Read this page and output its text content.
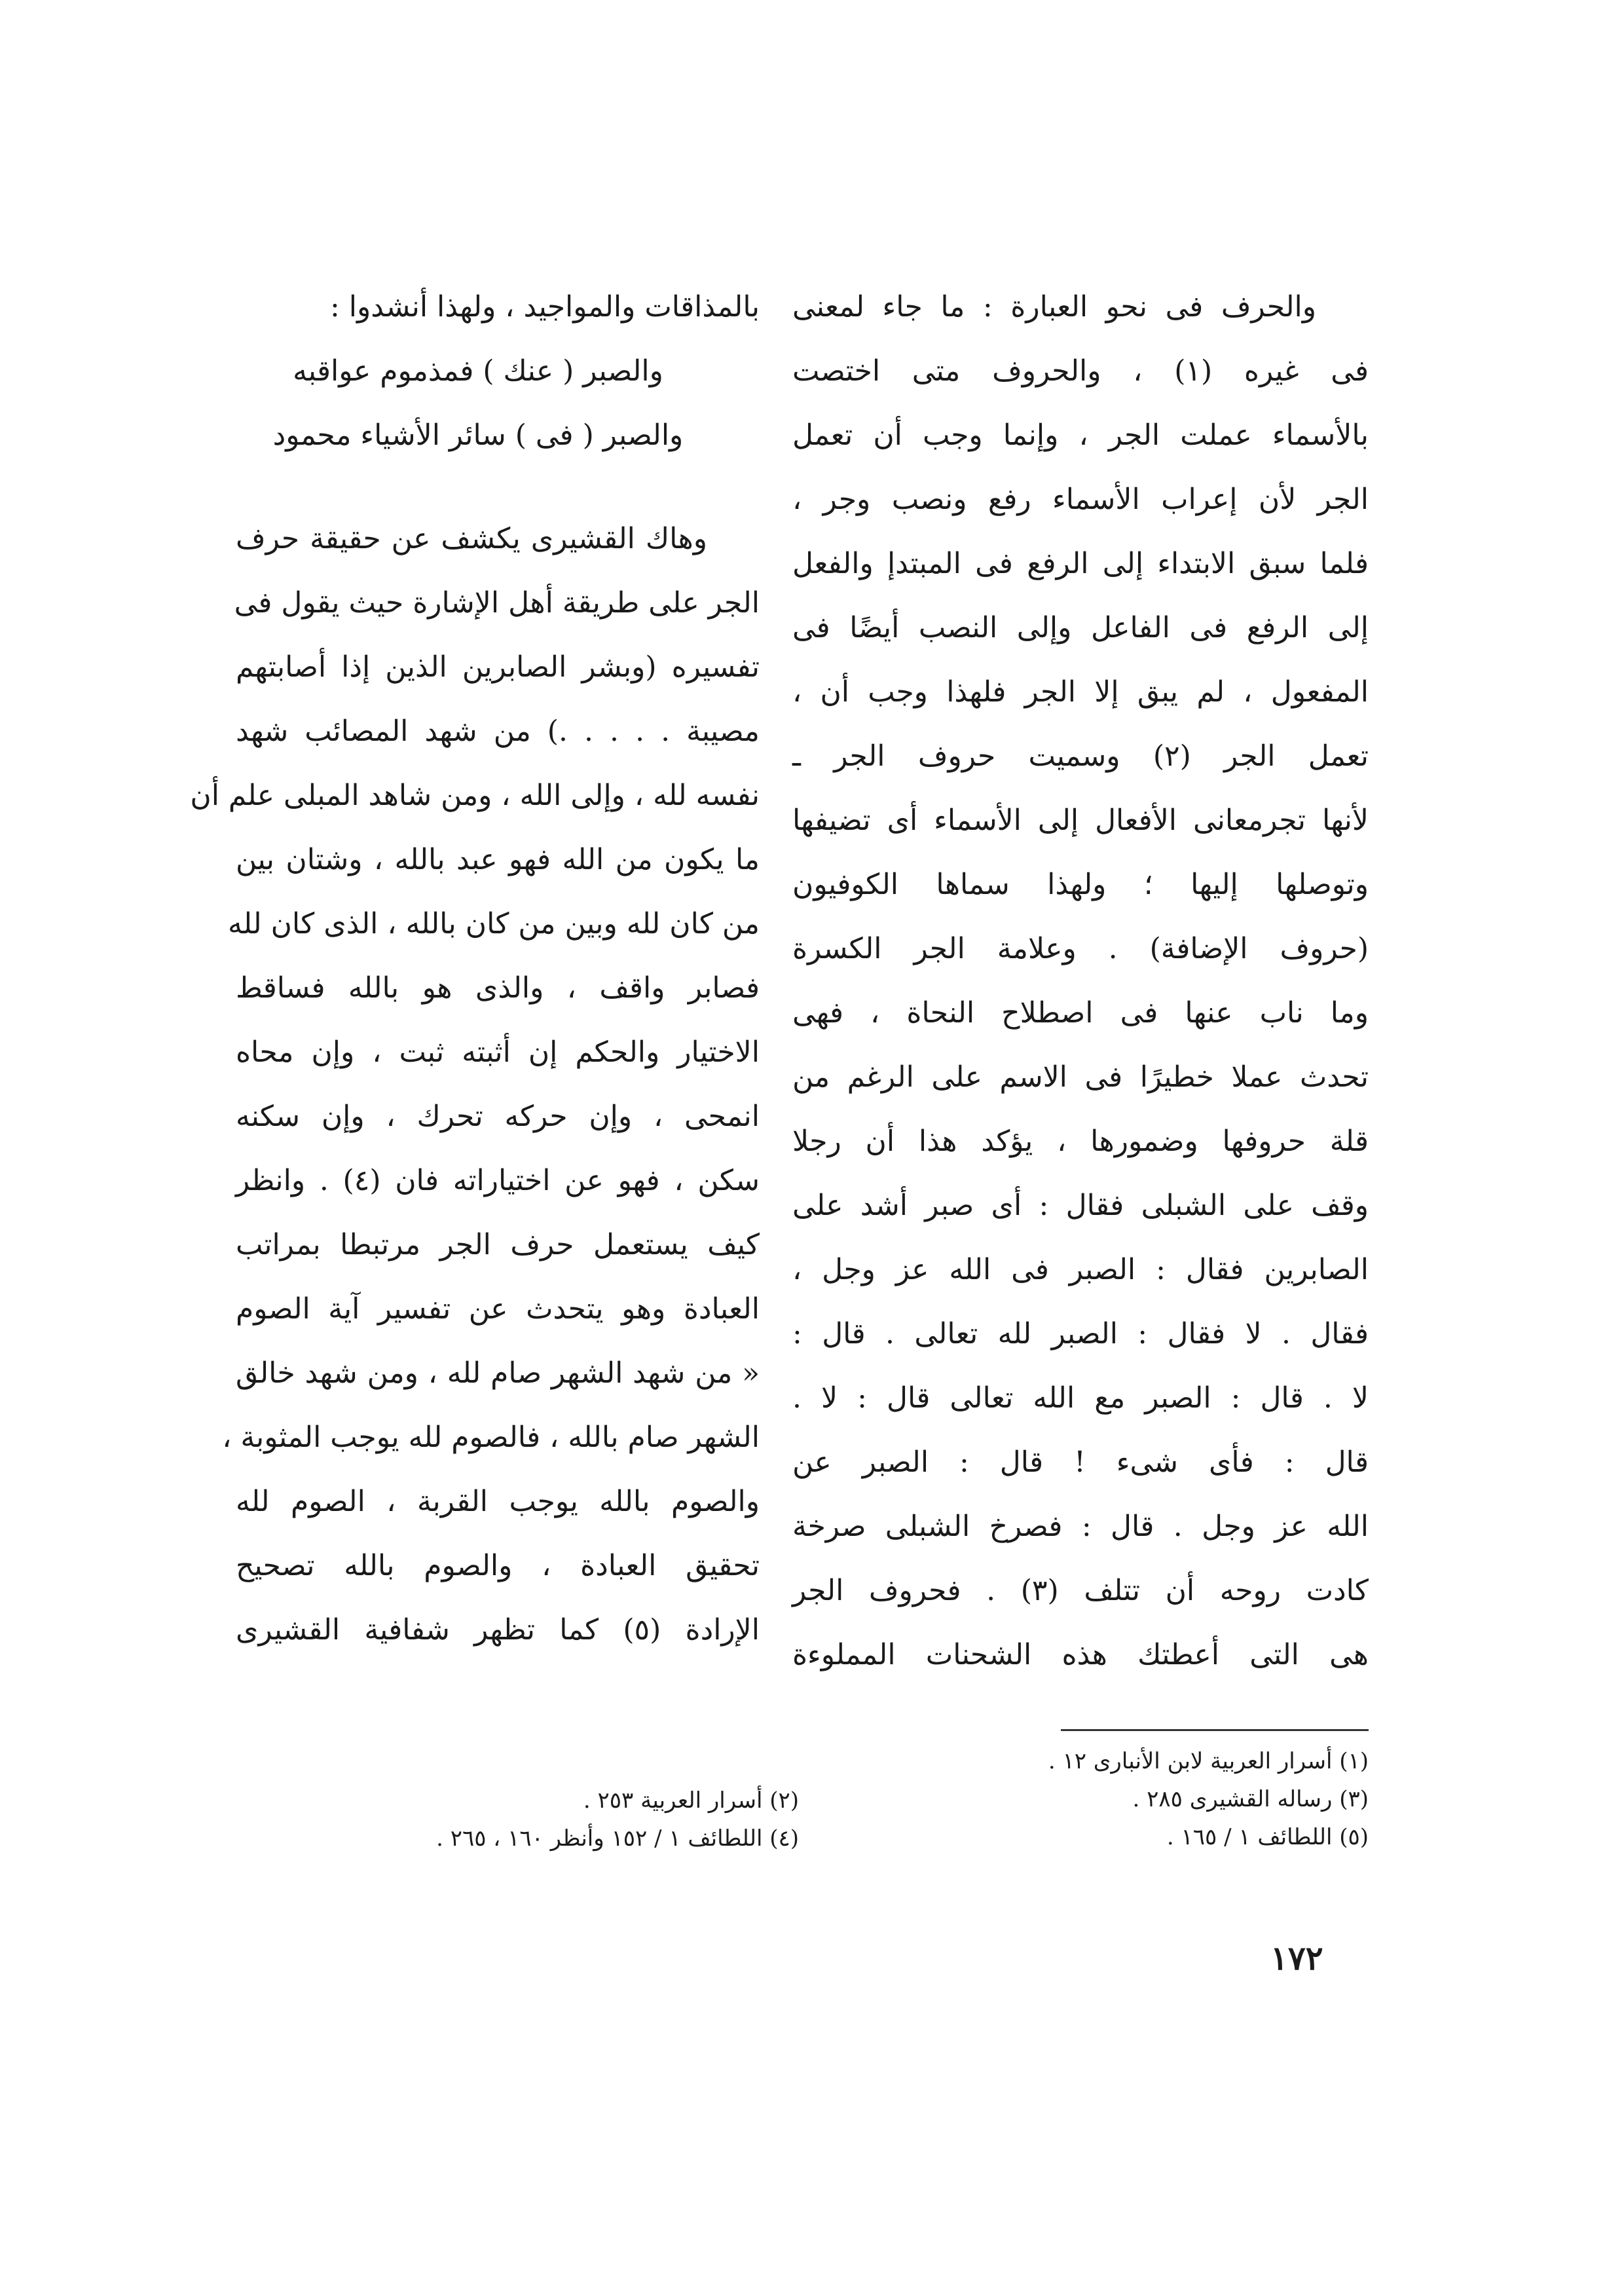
والحرف فى نحو العبارة : ما جاء لمعنى
فى غيره (١) ، والحروف متى اختصت
بالأسماء عملت الجر ، وإنما وجب أن تعمل
الجر لأن إعراب الأسماء رفع ونصب وجر ،
فلما سبق الابتداء إلى الرفع فى المبتدإ والفعل
إلى الرفع فى الفاعل وإلى النصب أيضًا فى
المفعول ، لم يبق إلا الجر فلهذا وجب أن ،
تعمل الجر (٢) وسميت حروف الجر ـ
لأنها تجرمعانى الأفعال إلى الأسماء أى تضيفها
وتوصلها إليها ؛ ولهذا سماها الكوفيون
(حروف الإضافة) . وعلامة الجر الكسرة
وما ناب عنها فى اصطلاح النحاة ، فهى
تحدث عملا خطيرًا فى الاسم على الرغم من
قلة حروفها وضمورها ، يؤكد هذا أن رجلا
وقف على الشبلى فقال : أى صبر أشد على
الصابرين فقال : الصبر فى الله عز وجل ،
فقال . لا فقال : الصبر لله تعالى . قال :
لا . قال : الصبر مع الله تعالى قال : لا .
قال : فأى شىء ! قال : الصبر عن
الله عز وجل . قال : فصرخ الشبلى صرخة
كادت روحه أن تتلف (٣) . فحروف الجر
هى التى أعطتك هذه الشحنات المملوءة
بالمذاقات والمواجيد ، ولهذا أنشدوا :
والصبر ( عنك ) فمذموم عواقبه
والصبر ( فى ) سائر الأشياء محمود
وهاك القشيرى يكشف عن حقيقة حرف
الجر على طريقة أهل الإشارة حيث يقول فى
تفسيره (وبشر الصابرين الذين إذا أصابتهم
مصيبة . . . . .) من شهد المصائب شهد
نفسه لله ، وإلى الله ، ومن شاهد المبلى علم أن
ما يكون من الله فهو عبد بالله ، وشتان بين
من كان لله وبين من كان بالله ، الذى كان لله
فصابر واقف ، والذى هو بالله فساقط
الاختيار والحكم إن أثبته ثبت ، وإن محاه
انمحى ، وإن حركه تحرك ، وإن سكنه
سكن ، فهو عن اختياراته فان (٤) . وانظر
كيف يستعمل حرف الجر مرتبطا بمراتب
العبادة وهو يتحدث عن تفسير آية الصوم
« من شهد الشهر صام لله ، ومن شهد خالق
الشهر صام بالله ، فالصوم لله يوجب المثوبة ،
والصوم بالله يوجب القربة ، الصوم لله
تحقيق العبادة ، والصوم بالله تصحيح
الإرادة (٥) كما تظهر شفافية القشيرى
(١) أسرار العربية لابن الأنبارى ١٢ .
(٣) رساله القشيرى ٢٨٥ .
(٥) اللطائف ١ / ١٦٥ .
(٢) أسرار العربية ٢٥٣ .
(٤) اللطائف ١ / ١٥٢ وأنظر ١٦٠ ، ٢٦٥ .
١٧٢
